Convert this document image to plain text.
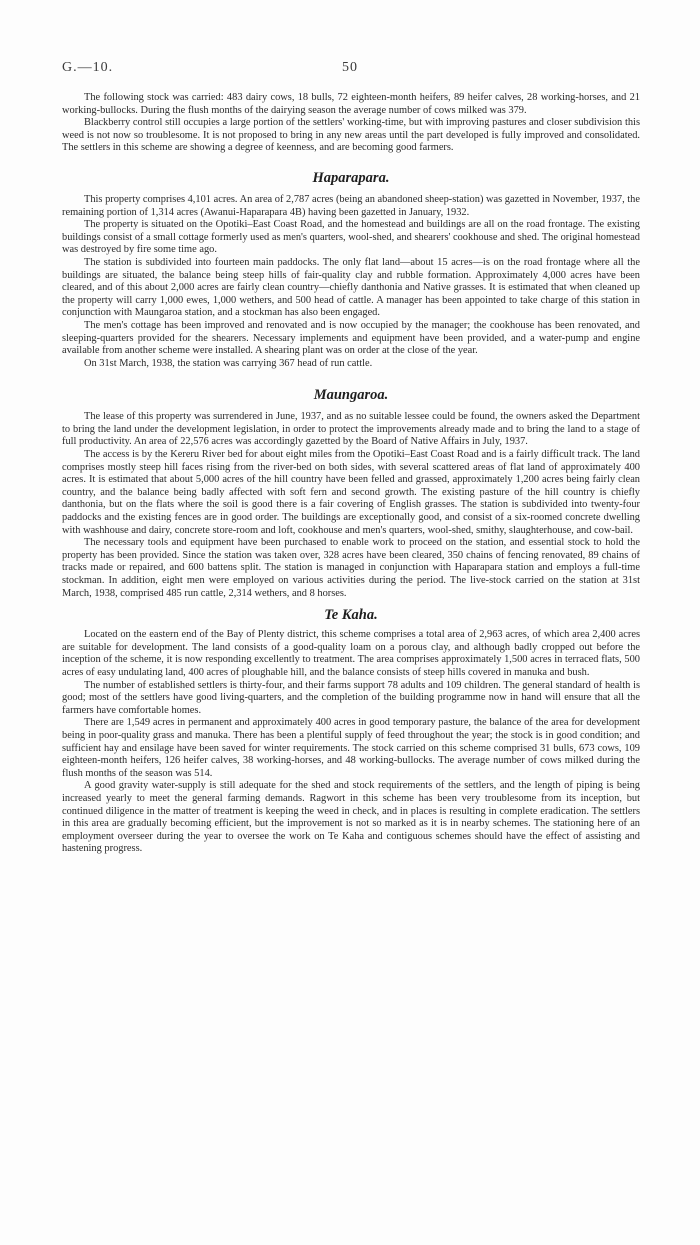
G.—10.	50

The following stock was carried: 483 dairy cows, 18 bulls, 72 eighteen-month heifers, 89 heifer calves, 28 working-horses, and 21 working-bullocks. During the flush months of the dairying season the average number of cows milked was 379.

Blackberry control still occupies a large portion of the settlers' working-time, but with improving pastures and closer subdivision this weed is not now so troublesome. It is not proposed to bring in any new areas until the part developed is fully improved and consolidated. The settlers in this scheme are showing a degree of keenness, and are becoming good farmers.

Haparapara.

This property comprises 4,101 acres. An area of 2,787 acres (being an abandoned sheep-station) was gazetted in November, 1937, the remaining portion of 1,314 acres (Awanui-Haparapara 4B) having been gazetted in January, 1932.

The property is situated on the Opotiki–East Coast Road, and the homestead and buildings are all on the road frontage. The existing buildings consist of a small cottage formerly used as men's quarters, wool-shed, and shearers' cookhouse and shed. The original homestead was destroyed by fire some time ago.

The station is subdivided into fourteen main paddocks. The only flat land—about 15 acres—is on the road frontage where all the buildings are situated, the balance being steep hills of fair-quality clay and rubble formation. Approximately 4,000 acres have been cleared, and of this about 2,000 acres are fairly clean country—chiefly danthonia and Native grasses. It is estimated that when cleaned up the property will carry 1,000 ewes, 1,000 wethers, and 500 head of cattle. A manager has been appointed to take charge of this station in conjunction with Maungaroa station, and a stockman has also been engaged.

The men's cottage has been improved and renovated and is now occupied by the manager; the cookhouse has been renovated, and sleeping-quarters provided for the shearers. Necessary implements and equipment have been provided, and a water-pump and engine available from another scheme were installed. A shearing plant was on order at the close of the year.

On 31st March, 1938, the station was carrying 367 head of run cattle.

Maungaroa.

The lease of this property was surrendered in June, 1937, and as no suitable lessee could be found, the owners asked the Department to bring the land under the development legislation, in order to protect the improvements already made and to bring the land to a stage of full productivity. An area of 22,576 acres was accordingly gazetted by the Board of Native Affairs in July, 1937.

The access is by the Kereru River bed for about eight miles from the Opotiki–East Coast Road and is a fairly difficult track. The land comprises mostly steep hill faces rising from the river-bed on both sides, with several scattered areas of flat land of approximately 400 acres. It is estimated that about 5,000 acres of the hill country have been felled and grassed, approximately 1,200 acres being fairly clean country, and the balance being badly affected with soft fern and second growth. The existing pasture of the hill country is chiefly danthonia, but on the flats where the soil is good there is a fair covering of English grasses. The station is subdivided into twenty-four paddocks and the existing fences are in good order. The buildings are exceptionally good, and consist of a six-roomed concrete dwelling with washhouse and dairy, concrete store-room and loft, cookhouse and men's quarters, wool-shed, smithy, slaughterhouse, and cow-bail.

The necessary tools and equipment have been purchased to enable work to proceed on the station, and essential stock to hold the property has been provided. Since the station was taken over, 328 acres have been cleared, 350 chains of fencing renovated, 89 chains of tracks made or repaired, and 600 battens split. The station is managed in conjunction with Haparapara station and employs a full-time stockman. In addition, eight men were employed on various activities during the period. The live-stock carried on the station at 31st March, 1938, comprised 485 run cattle, 2,314 wethers, and 8 horses.

Te Kaha.

Located on the eastern end of the Bay of Plenty district, this scheme comprises a total area of 2,963 acres, of which area 2,400 acres are suitable for development. The land consists of a good-quality loam on a porous clay, and although badly cropped out before the inception of the scheme, it is now responding excellently to treatment. The area comprises approximately 1,500 acres in terraced flats, 500 acres of easy undulating land, 400 acres of ploughable hill, and the balance consists of steep hills covered in manuka and bush.

The number of established settlers is thirty-four, and their farms support 78 adults and 109 children. The general standard of health is good; most of the settlers have good living-quarters, and the completion of the building programme now in hand will ensure that all the farmers have comfortable homes.

There are 1,549 acres in permanent and approximately 400 acres in good temporary pasture, the balance of the area for development being in poor-quality grass and manuka. There has been a plentiful supply of feed throughout the year; the stock is in good condition; and sufficient hay and ensilage have been saved for winter requirements. The stock carried on this scheme comprised 31 bulls, 673 cows, 109 eighteen-month heifers, 126 heifer calves, 38 working-horses, and 48 working-bullocks. The average number of cows milked during the flush months of the season was 514.

A good gravity water-supply is still adequate for the shed and stock requirements of the settlers, and the length of piping is being increased yearly to meet the general farming demands. Ragwort in this scheme has been very troublesome from its inception, but continued diligence in the matter of treatment is keeping the weed in check, and in places is resulting in complete eradication. The settlers in this area are gradually becoming efficient, but the improvement is not so marked as it is in nearby schemes. The stationing here of an employment overseer during the year to oversee the work on Te Kaha and contiguous schemes should have the effect of assisting and hastening progress.
